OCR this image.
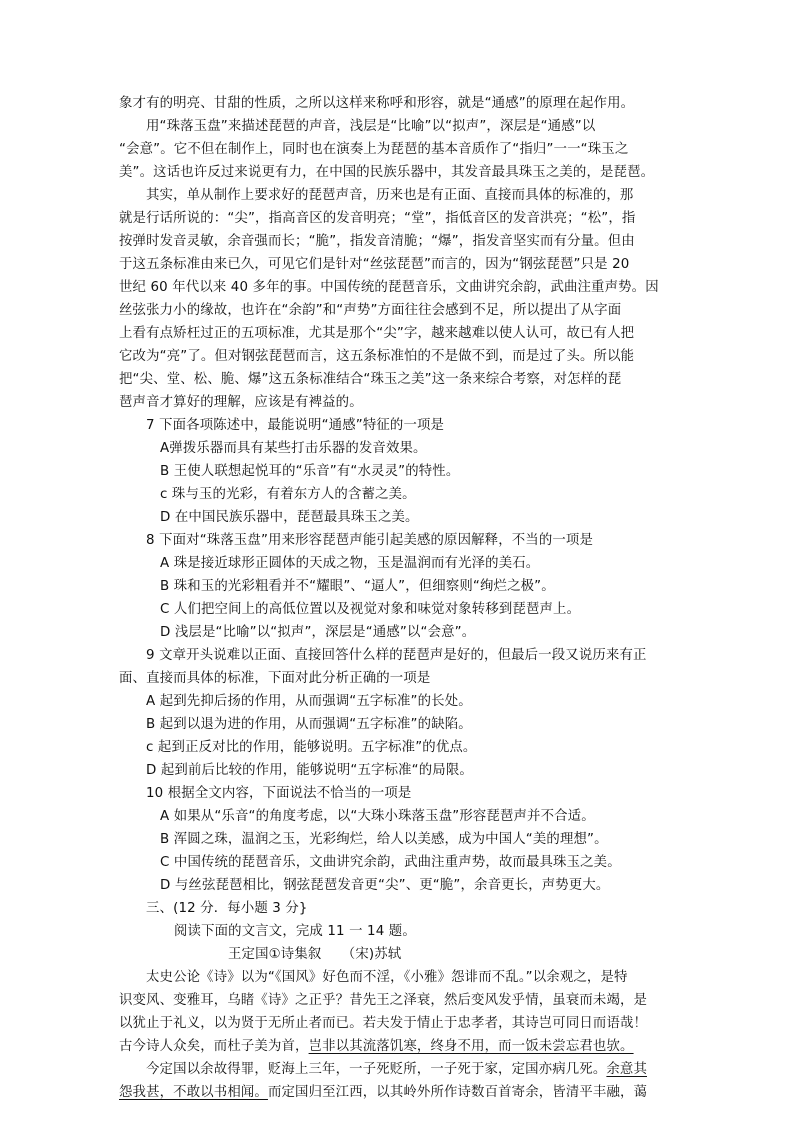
象才有的明亮、甘甜的性质，之所以这样来称呼和形容，就是“通感”的原理在起作用。
用“珠落玉盘”来描述琵琶的声音，浅层是“比喻”以“拟声”，深层是“通感”以
“会意”。它不但在制作上，同时也在演奏上为琵琶的基本音质作了“指归”一一“珠玉之
美”。这话也许反过来说更有力，在中国的民族乐器中，其发音最具珠玉之美的，是琵琶。
其实，单从制作上要求好的琵琶声音，历来也是有正面、直接而具体的标准的，那
就是行话所说的：“尖”，指高音区的发音明亮；“堂”，指低音区的发音洪亮；“松”，指
按弹时发音灵敏，余音强而长；“脆”，指发音清脆；“爆”，指发音坚实而有分量。但由
于这五条标准由来已久，可见它们是针对“丝弦琵琶”而言的，因为“钢弦琵琶”只是 20
世纪 60 年代以来 40 多年的事。中国传统的琵琶音乐，文曲讲究余韵，武曲注重声势。因
丝弦张力小的缘故，也许在“余韵”和“声势”方面往往会感到不足，所以提出了从字面
上看有点矫枉过正的五项标准，尤其是那个“尖”字，越来越难以使人认可，故已有人把
它改为“亮”了。但对钢弦琵琶而言，这五条标准怕的不是做不到，而是过了头。所以能
把“尖、堂、松、脆、爆”这五条标准结合“珠玉之美”这一条来综合考察，对怎样的琵
琶声音才算好的理解，应该是有裨益的。
7 下面各项陈述中，最能说明“通感”特征的一项是
A弹拨乐器而具有某些打击乐器的发音效果。
B 王使人联想起悦耳的“乐音”有“水灵灵”的特性。
c 珠与玉的光彩，有着东方人的含蓄之美。
D 在中国民族乐器中，琵琶最具珠玉之美。
8 下面对“珠落玉盘”用来形容琵琶声能引起美感的原因解释，不当的一项是
A 珠是接近球形正圆体的天成之物，玉是温润而有光泽的美石。
B 珠和玉的光彩粗看并不“耀眼”、“逼人”，但细察则“绚烂之极”。
C 人们把空间上的高低位置以及视觉对象和味觉对象转移到琵琶声上。
D 浅层是“比喻”以“拟声”，深层是“通感”以“会意”。
9 文章开头说难以正面、直接回答什么样的琵琶声是好的，但最后一段又说历来有正
面、直接而具体的标准，下面对此分析正确的一项是
A 起到先抑后扬的作用，从而强调“五字标准”的长处。
B 起到以退为进的作用，从而强调“五字标准”的缺陷。
c 起到正反对比的作用，能够说明。五字标准”的优点。
D 起到前后比较的作用，能够说明“五字标准“的局限。
10 根据全文内容，下面说法不恰当的一项是
A 如果从“乐音“的角度考虑，以“大珠小珠落玉盘”形容琵琶声并不合适。
B 浑圆之珠，温润之玉，光彩绚烂，给人以美感，成为中国人“美的理想”。
C 中国传统的琵琶音乐，文曲讲究余韵，武曲注重声势，故而最具珠玉之美。
D 与丝弦琵琶相比，钢弦琵琶发音更“尖”、更“脆”，余音更长，声势更大。
三、(12 分．每小题 3 分}
阅读下面的文言文，完成 11 一 14 题。
王定国①诗集叙　　（宋)苏轼
太史公论《诗》以为“《国风》好色而不淫，《小雅》怨诽而不乱。”以余观之，是特
识变风、变雅耳，乌睹《诗》之正乎？昔先王之泽衰，然后变风发乎情，虽衰而未竭，是
以犹止于礼义，以为贤于无所止者而已。若夫发于情止于忠孝者，其诗岂可同日而语哉！
古今诗人众矣，而杜子美为首，岂非以其流落饥寒，终身不用，而一饭未尝忘君也欤。
今定国以余故得罪，贬海上三年，一子死贬所，一子死于家，定国亦病几死。余意其
怨我甚，不敢以书相闻。而定国归至江西，以其岭外所作诗数百首寄余，皆清平丰融，蔼
